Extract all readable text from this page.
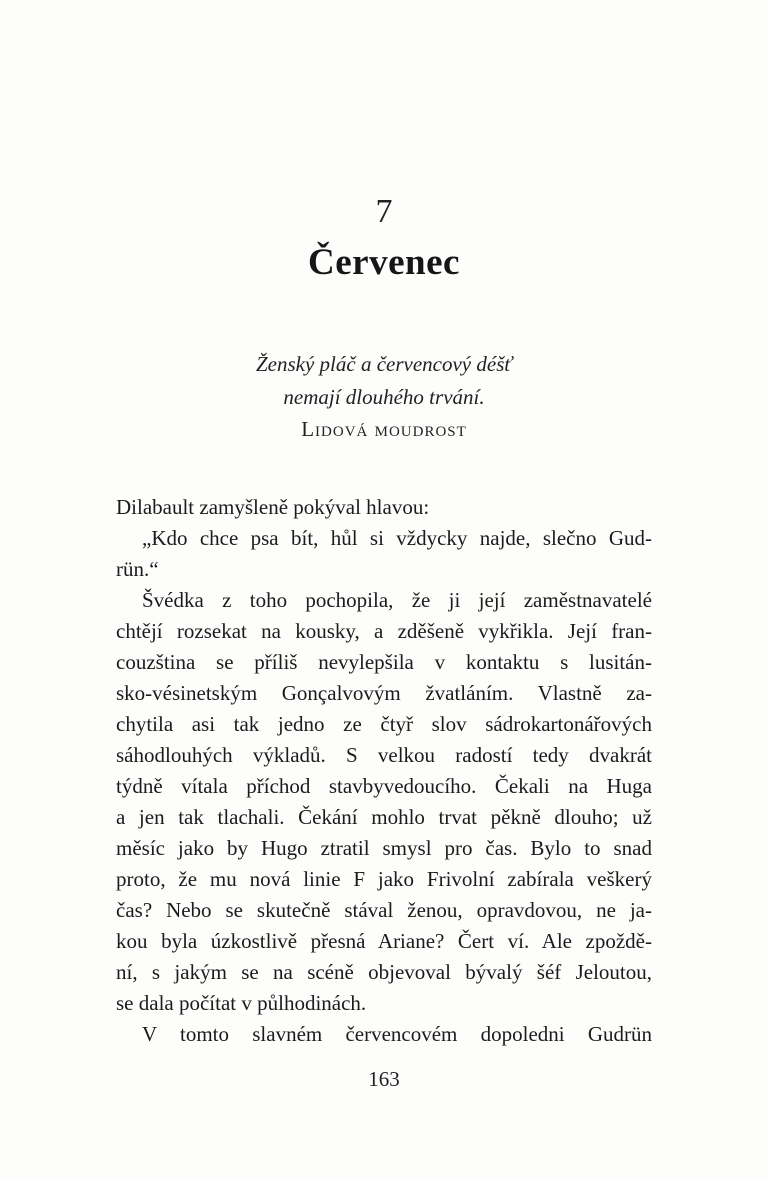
7
Červenec
Ženský pláč a červencový déšť
nemají dlouhého trvání.
Lidová moudrost
Dilabault zamyšleně pokýval hlavou:
„Kdo chce psa bít, hůl si vždycky najde, slečno Gud-
rün.“
Švédka z toho pochopila, že ji její zaměstnavatelé
chtějí rozsekat na kousky, a zděšeně vykřikla. Její fran-
couzština se příliš nevylepšila v kontaktu s lusitán-
sko-vésinetským Gonçalvovým žvatláním. Vlastně za-
chytila asi tak jedno ze čtyř slov sádrokartonářových
sáhodlouhých výkladů. S velkou radostí tedy dvakrát
týdně vítala příchod stavbyvedoucího. Čekali na Huga
a jen tak tlachali. Čekání mohlo trvat pěkně dlouho; už
měsíc jako by Hugo ztratil smysl pro čas. Bylo to snad
proto, že mu nová linie F jako Frivolní zabírala veškerý
čas? Nebo se skutečně stával ženou, opravdovou, ne ja-
kou byla úzkostlivě přesná Ariane? Čert ví. Ale zpoždě-
ní, s jakým se na scéně objevoval bývalý šéf Jeloutou,
se dala počítat v půlhodinách.
V tomto slavném červencovém dopoledni Gudrün
163
